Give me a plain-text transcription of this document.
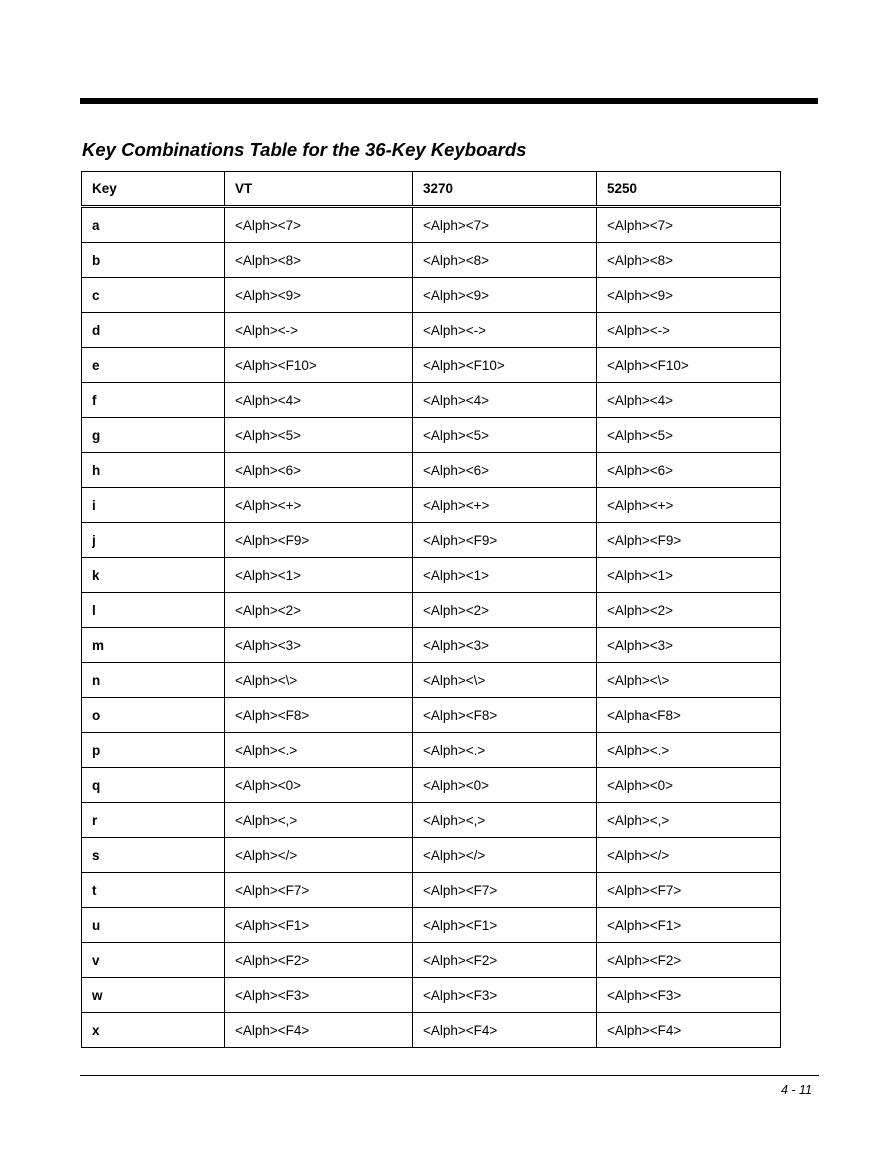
Key Combinations Table for the 36-Key Keyboards
Key	VT	3270	5250
a	<Alph><7>	<Alph><7>	<Alph><7>
b	<Alph><8>	<Alph><8>	<Alph><8>
c	<Alph><9>	<Alph><9>	<Alph><9>
d	<Alph><->	<Alph><->	<Alph><->
e	<Alph><F10>	<Alph><F10>	<Alph><F10>
f	<Alph><4>	<Alph><4>	<Alph><4>
g	<Alph><5>	<Alph><5>	<Alph><5>
h	<Alph><6>	<Alph><6>	<Alph><6>
i	<Alph><+>	<Alph><+>	<Alph><+>
j	<Alph><F9>	<Alph><F9>	<Alph><F9>
k	<Alph><1>	<Alph><1>	<Alph><1>
l	<Alph><2>	<Alph><2>	<Alph><2>
m	<Alph><3>	<Alph><3>	<Alph><3>
n	<Alph><\>	<Alph><\>	<Alph><\>
o	<Alph><F8>	<Alph><F8>	<Alpha<F8>
p	<Alph><.>	<Alph><.>	<Alph><.>
q	<Alph><0>	<Alph><0>	<Alph><0>
r	<Alph><,>	<Alph><,>	<Alph><,>
s	<Alph></>	<Alph></>	<Alph></>
t	<Alph><F7>	<Alph><F7>	<Alph><F7>
u	<Alph><F1>	<Alph><F1>	<Alph><F1>
v	<Alph><F2>	<Alph><F2>	<Alph><F2>
w	<Alph><F3>	<Alph><F3>	<Alph><F3>
x	<Alph><F4>	<Alph><F4>	<Alph><F4>
4 - 11
